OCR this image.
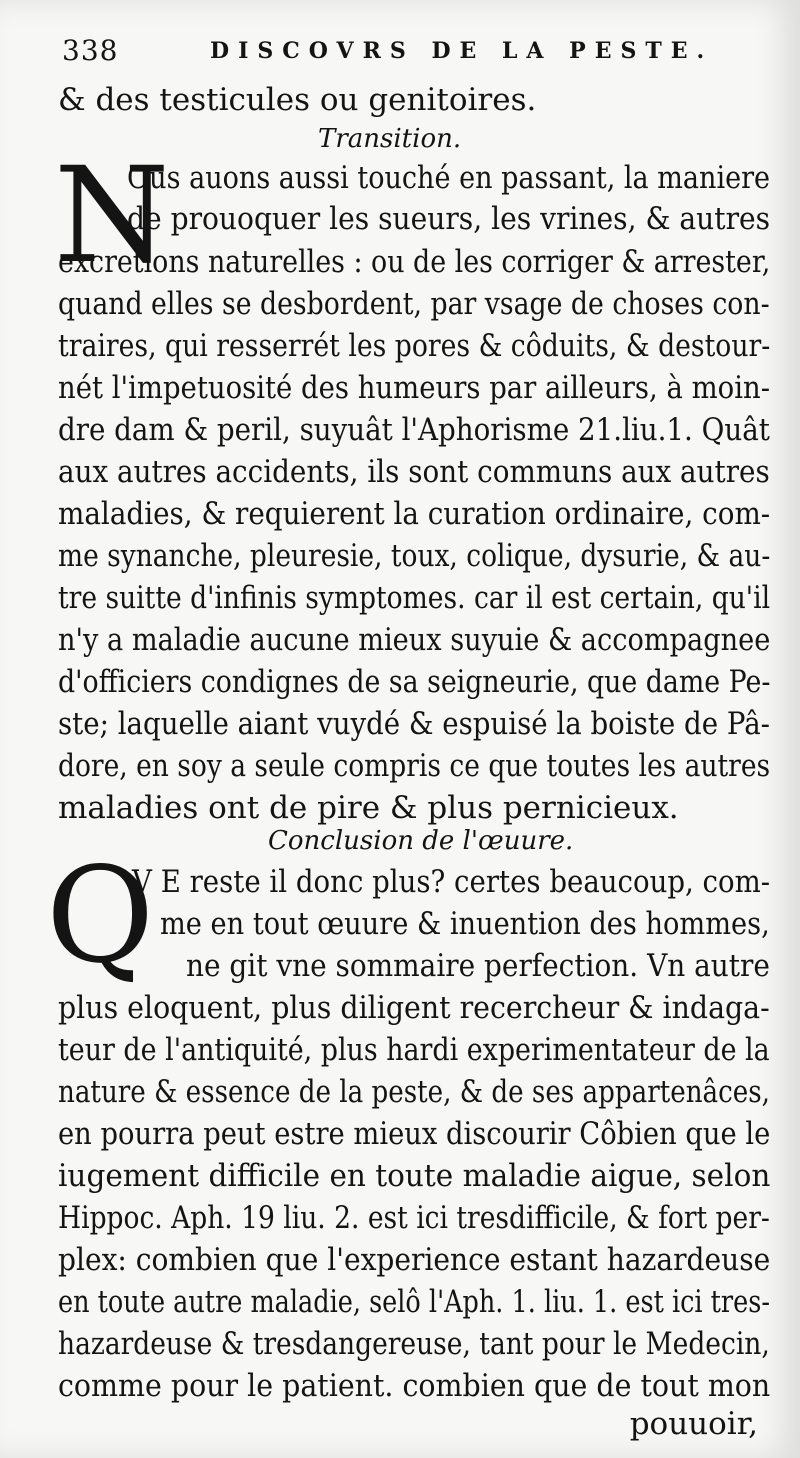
338	DISCOVRS DE LA PESTE.
& des testicules ou genitoires.
Transition.
N
Ous auons aussi touché en passant, la maniere
de prouoquer les sueurs, les vrines, & autres
excretions naturelles : ou de les corriger & arrester,
quand elles se desbordent, par vsage de choses con-
traires, qui resserrét les pores & côduits, & destour-
nét l'impetuosité des humeurs par ailleurs, à moin-
dre dam & peril, suyuât l'Aphorisme 21.liu.1. Quât
aux autres accidents, ils sont communs aux autres
maladies, & requierent la curation ordinaire, com-
me synanche, pleuresie, toux, colique, dysurie, & au-
tre suitte d'infinis symptomes. car il est certain, qu'il
n'y a maladie aucune mieux suyuie & accompagnee
d'officiers condignes de sa seigneurie, que dame Pe-
ste; laquelle aiant vuydé & espuisé la boiste de Pâ-
dore, en soy a seule compris ce que toutes les autres
maladies ont de pire & plus pernicieux.
Conclusion de l'œuure.
Q
V E reste il donc plus? certes beaucoup, com-
me en tout œuure & inuention des hommes,
ne git vne sommaire perfection. Vn autre
plus eloquent, plus diligent recercheur & indaga-
teur de l'antiquité, plus hardi experimentateur de la
nature & essence de la peste, & de ses appartenâces,
en pourra peut estre mieux discourir Côbien que le
iugement difficile en toute maladie aigue, selon
Hippoc. Aph. 19 liu. 2. est ici tresdifficile, & fort per-
plex: combien que l'experience estant hazardeuse
en toute autre maladie, selô l'Aph. 1. liu. 1. est ici tres-
hazardeuse & tresdangereuse, tant pour le Medecin,
comme pour le patient. combien que de tout mon
pouuoir,
